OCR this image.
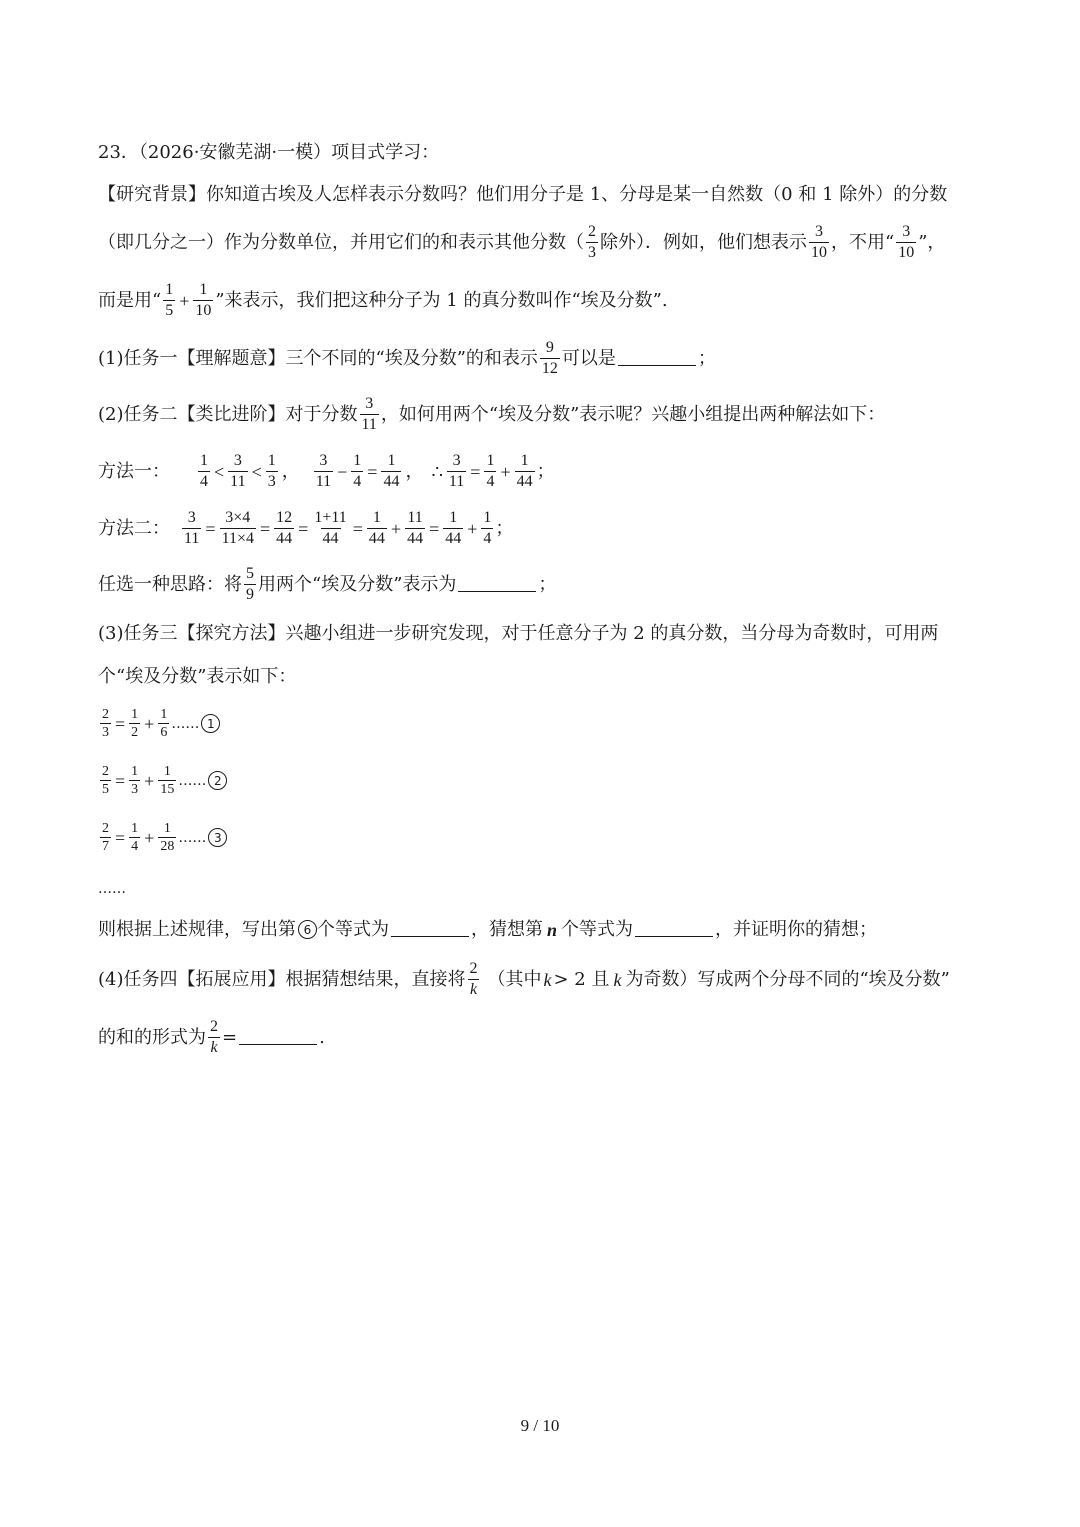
23．（2026·安徽芜湖·一模）项目式学习：
【研究背景】你知道古埃及人怎样表示分数吗？他们用分子是 1、分母是某一自然数（0 和 1 除外）的分数
（即几分之一）作为分数单位，并用它们的和表示其他分数（ $\frac{2}{3}$ 除外）．例如，他们想表示 $\frac{3}{10}$ ，不用“ $\frac{3}{10}$ ”，
而是用“ $\frac{1}{5} + \frac{1}{10}$ ”来表示，我们把这种分子为 1 的真分数叫作“埃及分数”.
(1)任务一【理解题意】三个不同的“埃及分数”的和表示 $\frac{9}{12}$ 可以是	；
(2)任务二【类比进阶】对于分数 $\frac{3}{11}$ ，如何用两个“埃及分数”表示呢？兴趣小组提出两种解法如下：
方法一： $\frac{1}{4} < \frac{3}{11} < \frac{1}{3}$ ， $\frac{3}{11} - \frac{1}{4} = \frac{1}{44}$ ， ∴ $\frac{3}{11} = \frac{1}{4} + \frac{1}{44}$ ；
方法二： $\frac{3}{11} = \frac{3\times 4}{11\times 4} = \frac{12}{44} = \frac{1+11}{44} = \frac{1}{44} + \frac{11}{44} = \frac{1}{44} + \frac{1}{4}$ ；
任选一种思路：将 $\frac{5}{9}$ 用两个“埃及分数”表示为	；
(3)任务三【探究方法】兴趣小组进一步研究发现，对于任意分子为 2 的真分数，当分母为奇数时，可用两
个“埃及分数”表示如下：
$\frac{2}{3} = \frac{1}{2} + \frac{1}{6}$ …… 1
$\frac{2}{5} = \frac{1}{3} + \frac{1}{15}$ …… 2
$\frac{2}{7} = \frac{1}{4} + \frac{1}{28}$ …… 3
……
则根据上述规律，写出第 6 个等式为	，猜想第 n 个等式为	，并证明你的猜想；
(4)任务四【拓展应用】根据猜想结果，直接将 $\frac{2}{k}$ （其中 k > 2 且 k 为奇数）写成两个分母不同的“埃及分数”
的和的形式为 $\frac{2}{k}$ =	.
9 / 10
